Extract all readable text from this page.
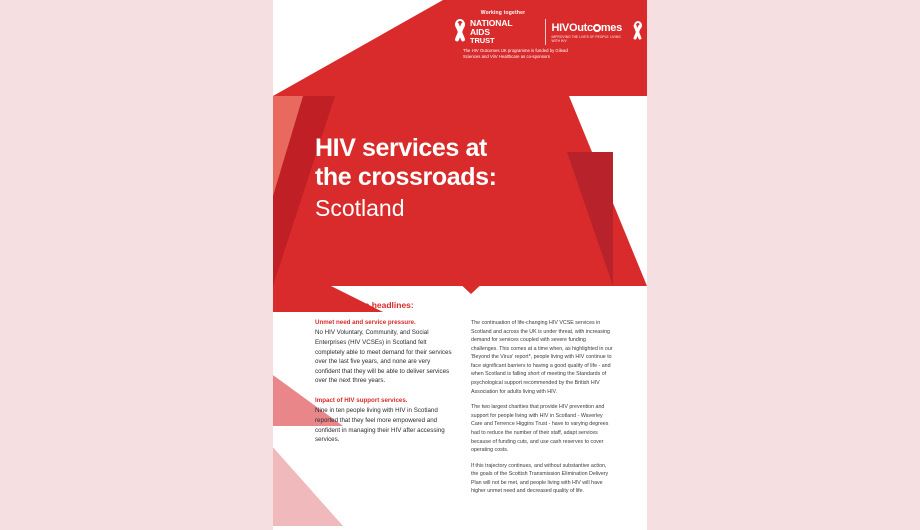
Working together
NATIONAL
AIDS
TRUST
HIVOutc mes
IMPROVING THE LIVES OF PEOPLE LIVING WITH HIV
The HIV Outcomes UK programme is funded by Gilead Sciences and ViiV Healthcare as co-sponsors
HIV services at
the crossroads:
Scotland
Key evidence headlines:
Unmet need and service pressure.
No HIV Voluntary, Community, and Social Enterprises (HIV VCSEs) in Scotland felt completely able to meet demand for their services over the last five years, and none are very confident that they will be able to deliver services over the next three years.
Impact of HIV support services.
Nine in ten people living with HIV in Scotland reported that they feel more empowered and confident in managing their HIV after accessing services.
The continuation of life-changing HIV VCSE services in Scotland and across the UK is under threat, with increasing demand for services coupled with severe funding challenges. This comes at a time when, as highlighted in our 'Beyond the Virus' report*, people living with HIV continue to face significant barriers to having a good quality of life - and when Scotland is falling short of meeting the Standards of psychological support recommended by the British HIV Association for adults living with HIV.
The two largest charities that provide HIV prevention and support for people living with HIV in Scotland - Waverley Care and Terrence Higgins Trust - have to varying degrees had to reduce the number of their staff, adapt services because of funding cuts, and use cash reserves to cover operating costs.
If this trajectory continues, and without substantive action, the goals of the Scottish Transmission Elimination Delivery Plan will not be met, and people living with HIV will have higher unmet need and decreased quality of life.
